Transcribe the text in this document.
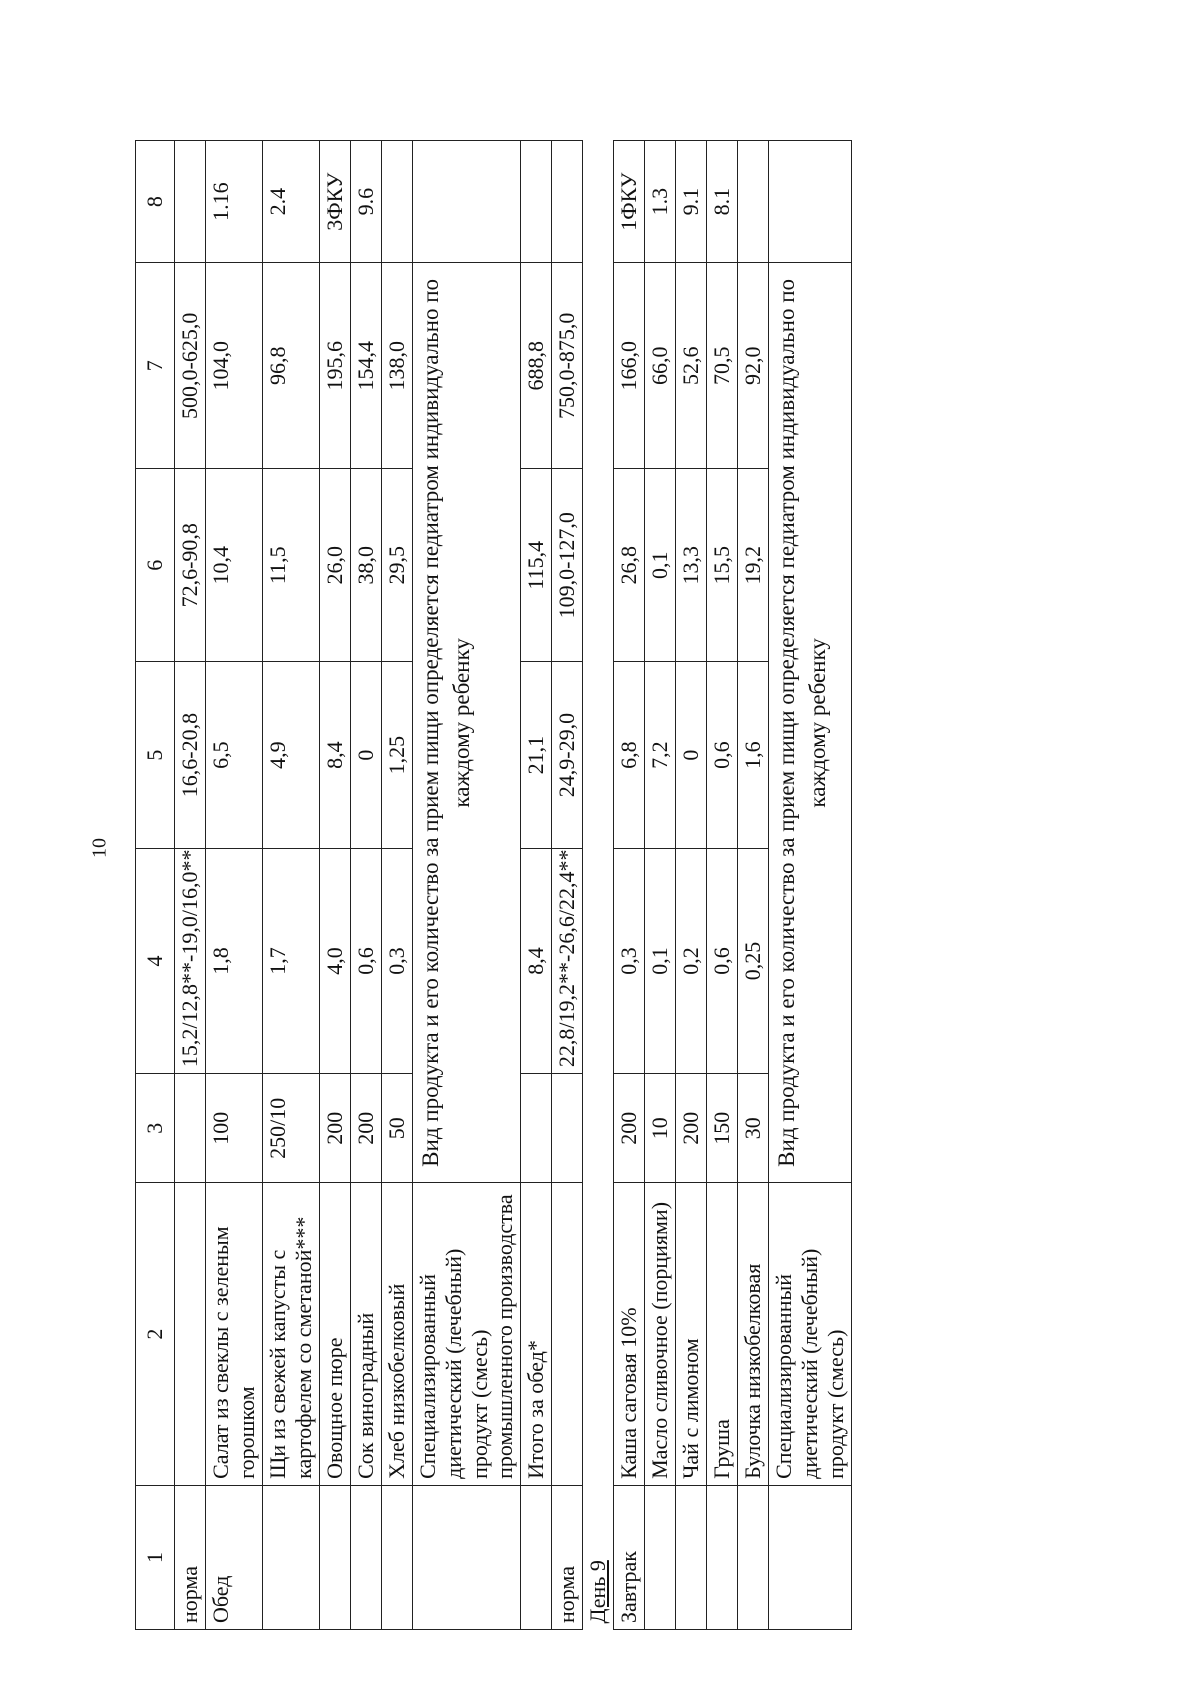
10
1	2	3	4	5	6	7	8
норма			15,2/12,8**-19,0/16,0**	16,6-20,8	72,6-90,8	500,0-625,0	
Обед	Салат из свеклы с зеленым горошком	100	1,8	6,5	10,4	104,0	1.16
	Щи из свежей капусты с картофелем со сметаной***	250/10	1,7	4,9	11,5	96,8	2.4
	Овощное пюре	200	4,0	8,4	26,0	195,6	3ФКУ
	Сок виноградный	200	0,6	0	38,0	154,4	9.6
	Хлеб низкобелковый	50	0,3	1,25	29,5	138,0	
	Специализированный диетический (лечебный) продукт (смесь) промышленного производства	Вид продукта и его количество за прием пищи определяется педиатром индивидуально по каждому ребенку					
	Итого за обед*		8,4	21,1	115,4	688,8	
норма			22,8/19,2**-26,6/22,4**	24,9-29,0	109,0-127,0	750,0-875,0	
День 9							
Завтрак	Каша саговая 10%	200	0,3	6,8	26,8	166,0	1ФКУ
	Масло сливочное (порциями)	10	0,1	7,2	0,1	66,0	1.3
	Чай с лимоном	200	0,2	0	13,3	52,6	9.1
	Груша	150	0,6	0,6	15,5	70,5	8.1
	Булочка низкобелковая	30	0,25	1,6	19,2	92,0	
	Специализированный диетический (лечебный) продукт (смесь)	Вид продукта и его количество за прием пищи определяется педиатром индивидуально по каждому ребенку					
